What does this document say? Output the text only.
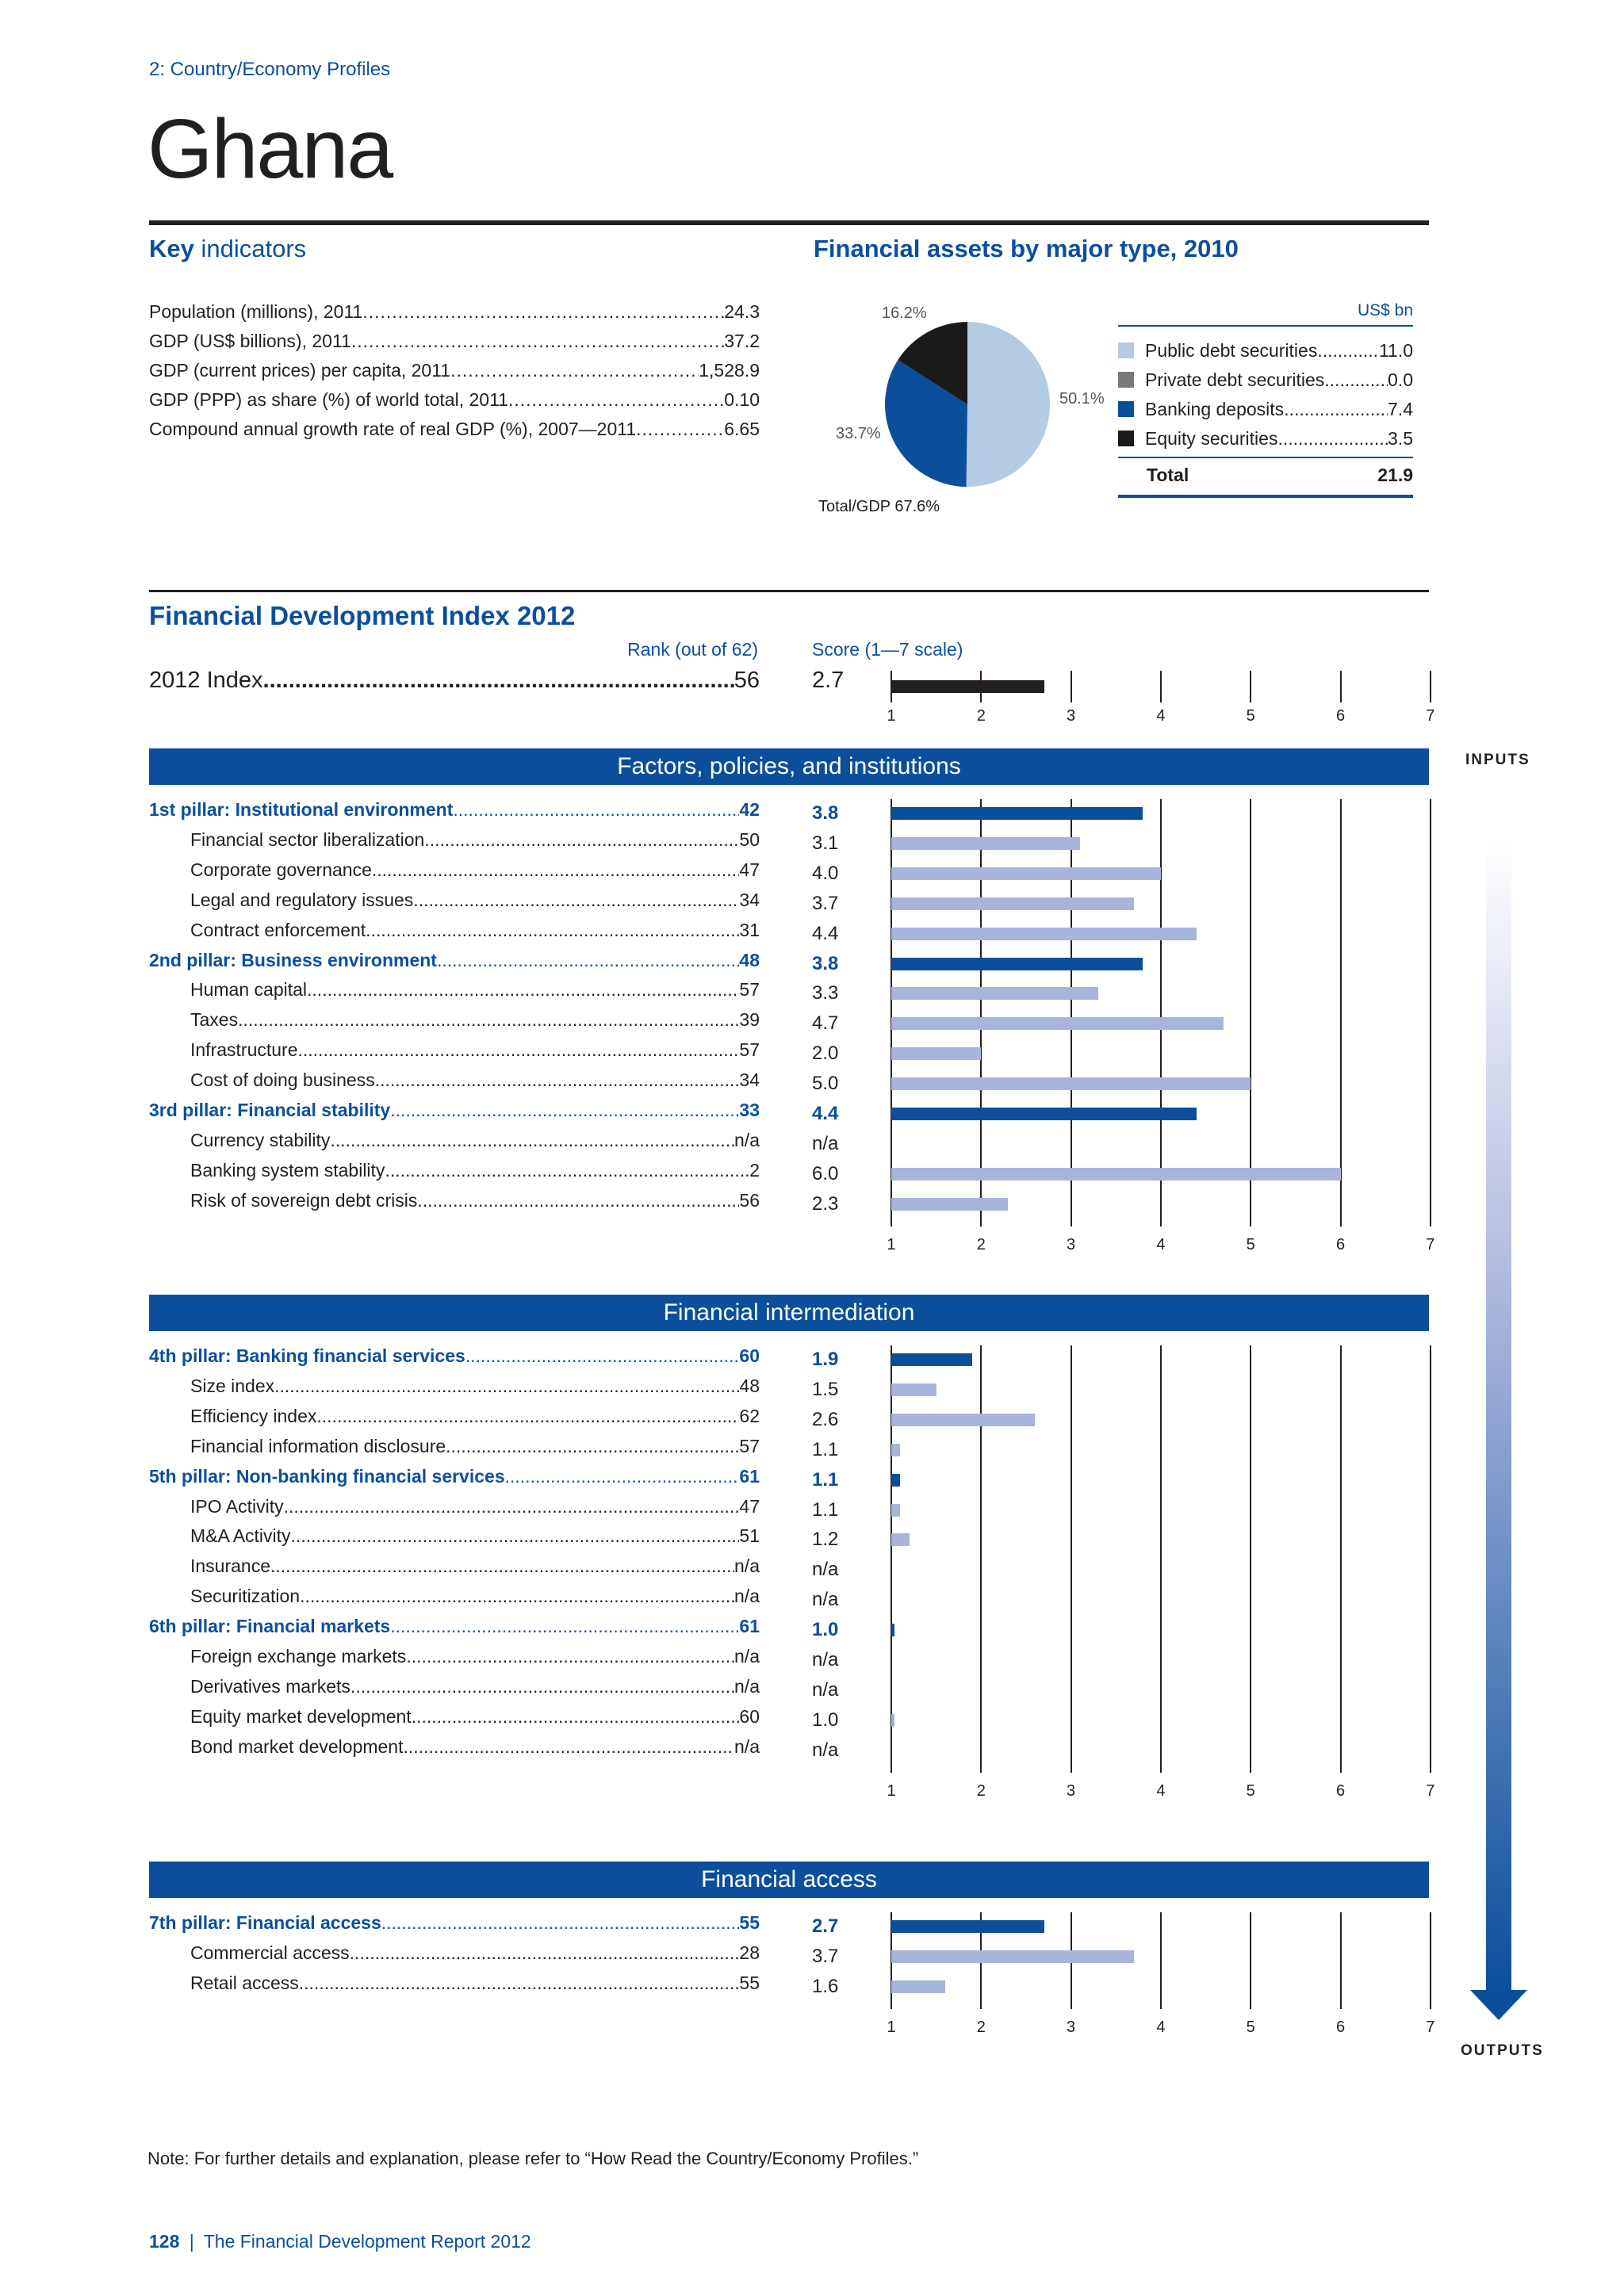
2: Country/Economy Profiles
Ghana
Key indicators
Population (millions), 2011 .....	24.3
GDP (US$ billions), 2011 .....	37.2
GDP (current prices) per capita, 2011 .....	1,528.9
GDP (PPP) as share (%) of world total, 2011 .....	0.10
Compound annual growth rate of real GDP (%), 2007—2011 .....	6.65
Financial assets by major type, 2010
16.2%
50.1%
33.7%
Total/GDP 67.6%
US$ bn
Public debt securities .....	11.0
Private debt securities .....	0.0
Banking deposits .....	7.4
Equity securities .....	3.5
Total	21.9
Financial Development Index 2012
Rank (out of 62)	Score (1—7 scale)
2012 Index .....	56 2.7
1	2	3	4	5	6	7
Factors, policies, and institutions
1	2	3	4	5	6	7
1st pillar: Institutional environment .....	42	3.8
Financial sector liberalization .....	50	3.1
Corporate governance .....	47	4.0
Legal and regulatory issues .....	34	3.7
Contract enforcement .....	31	4.4
2nd pillar: Business environment .....	48	3.8
Human capital .....	57	3.3
Taxes .....	39	4.7
Infrastructure .....	57	2.0
Cost of doing business .....	34	5.0
3rd pillar: Financial stability .....	33	4.4
Currency stability .....	n/a	n/a
Banking system stability .....	2	6.0
Risk of sovereign debt crisis .....	56	2.3
Financial intermediation
1	2	3	4	5	6	7
4th pillar: Banking financial services .....	60	1.9
Size index .....	48	1.5
Efficiency index .....	62	2.6
Financial information disclosure .....	57	1.1
5th pillar: Non-banking financial services .....	61	1.1
IPO Activity .....	47	1.1
M&A Activity .....	51	1.2
Insurance .....	n/a	n/a
Securitization .....	n/a	n/a
6th pillar: Financial markets .....	61	1.0
Foreign exchange markets .....	n/a	n/a
Derivatives markets .....	n/a	n/a
Equity market development .....	60	1.0
Bond market development .....	n/a	n/a
Financial access
1	2	3	4	5	6	7
7th pillar: Financial access .....	55	2.7
Commercial access .....	28	3.7
Retail access .....	55	1.6
INPUTS
OUTPUTS
Note: For further details and explanation, please refer to “How Read the Country/Economy Profiles.”
128 | The Financial Development Report 2012
